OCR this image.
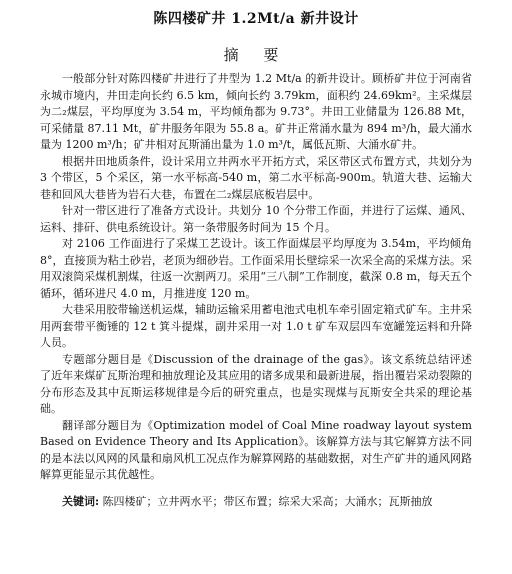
陈四楼矿井 1.2Mt/a 新井设计
摘 要

一般部分针对陈四楼矿井进行了井型为 1.2 Mt/a 的新井设计。顾桥矿井位于河南省永城市境内，井田走向长约 6.5 km，倾向长约 3.79km，面积约 24.69km²。主采煤层为二₂煤层，平均厚度为 3.54 m，平均倾角都为 9.73°。井田工业储量为 126.88 Mt，可采储量 87.11 Mt，矿井服务年限为 55.8 a。矿井正常涌水量为 894 m³/h，最大涌水量为 1200 m³/h；矿井相对瓦斯涌出量为 1.0 m³/t，属低瓦斯、大涌水矿井。

根据井田地质条件，设计采用立井两水平开拓方式，采区带区式布置方式，共划分为 3 个带区，5 个采区，第一水平标高-540 m，第二水平标高-900m。轨道大巷、运输大巷和回风大巷皆为岩石大巷，布置在二₂煤层底板岩层中。

针对一带区进行了准备方式设计。共划分 10 个分带工作面，并进行了运煤、通风、运料、排矸、供电系统设计。第一条带服务时间为 15 个月。

对 2106 工作面进行了采煤工艺设计。该工作面煤层平均厚度为 3.54m，平均倾角 8°，直接顶为粘土砂岩，老顶为细砂岩。工作面采用长壁综采一次采全高的采煤方法。采用双滚筒采煤机割煤，往返一次割两刀。采用“三八制”工作制度，截深 0.8 m，每天五个循环，循环进尺 4.0 m，月推进度 120 m。

大巷采用胶带输送机运煤，辅助运输采用蓄电池式电机车牵引固定箱式矿车。主井采用两套带平衡锤的 12 t 箕斗提煤，副井采用一对 1.0 t 矿车双层四车宽罐笼运料和升降人员。

专题部分题目是《Discussion of the drainage of the gas》。该文系统总结评述了近年来煤矿瓦斯治理和抽放理论及其应用的诸多成果和最新进展，指出覆岩采动裂隙的分布形态及其中瓦斯运移规律是今后的研究重点，也是实现煤与瓦斯安全共采的理论基础。

翻译部分题目为《Optimization model of Coal Mine roadway layout system Based on Evidence Theory and Its Application》。该解算方法与其它解算方法不同的是本法以风网的风量和扇风机工况点作为解算网路的基础数据，对生产矿井的通风网路解算更能显示其优越性。

关键词: 陈四楼矿；立井两水平；带区布置；综采大采高；大涌水；瓦斯抽放
